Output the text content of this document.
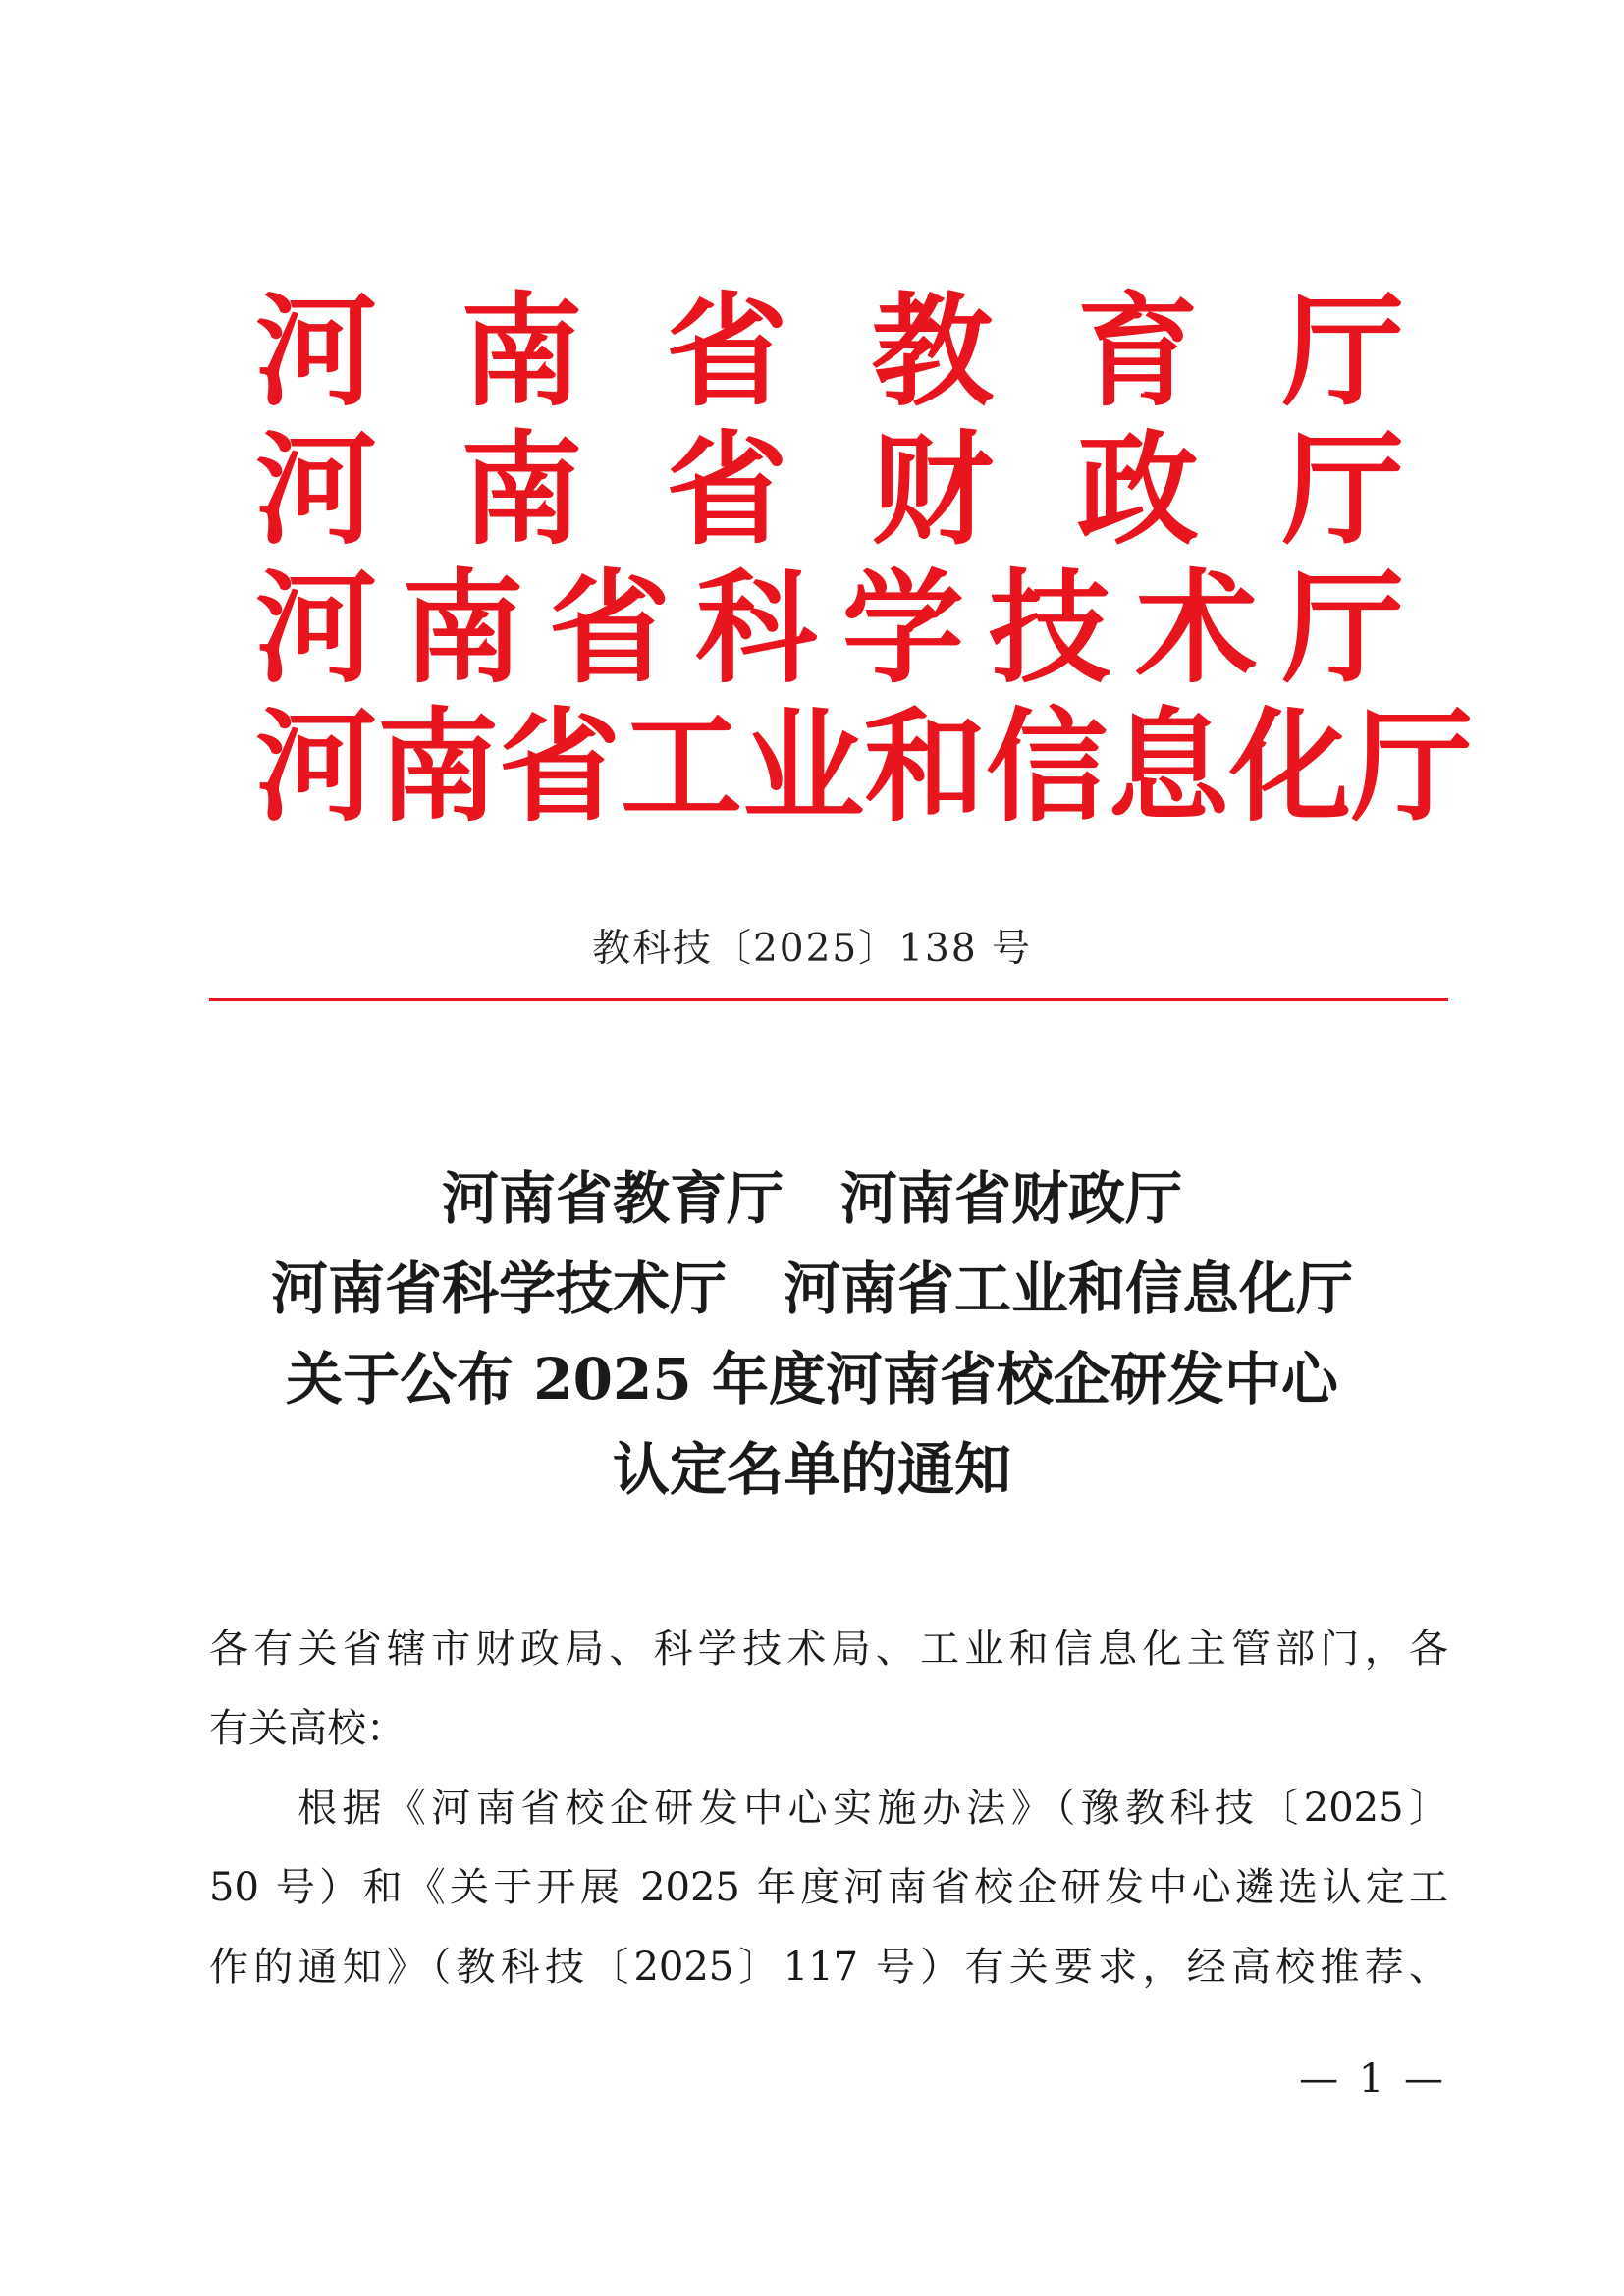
河 南 省 教 育 厅
河 南 省 财 政 厅
河 南 省 科 学 技 术 厅
河 南 省 工 业 和 信 息 化 厅
教科技〔2025〕138 号
河南省教育厅　河南省财政厅
河南省科学技术厅　河南省工业和信息化厅
关于公布 2025 年度河南省校企研发中心
认定名单的通知
各有关省辖市财政局、科学技术局、工业和信息化主管部门，各
有关高校：
根据《河南省校企研发中心实施办法》（豫教科技〔2025〕
50 号）和《关于开展 2025 年度河南省校企研发中心遴选认定工
作的通知》（教科技〔2025〕117 号）有关要求，经高校推荐、
— 1 —
